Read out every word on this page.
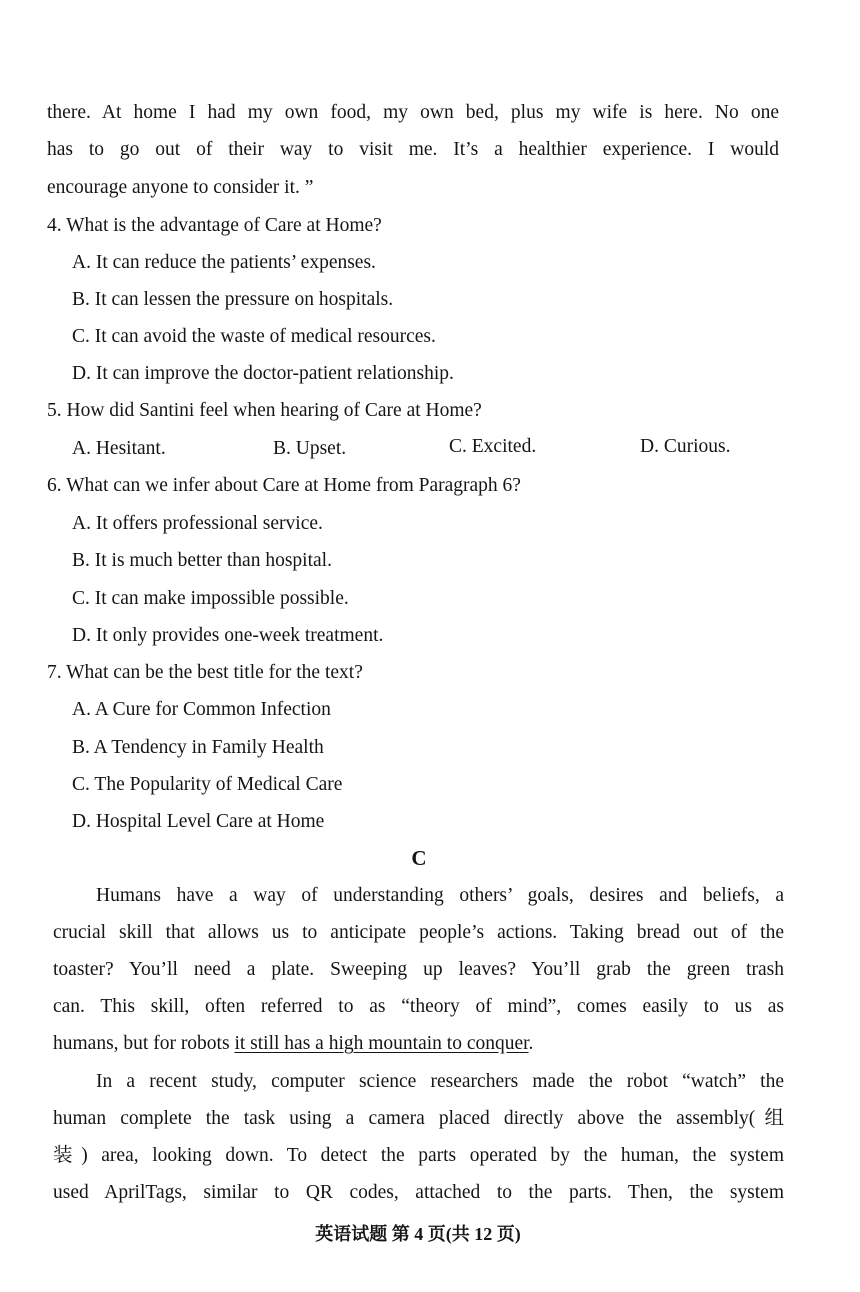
there. At home I had my own food, my own bed, plus my wife is here. No one
has to go out of their way to visit me. It’s a healthier experience. I would
encourage anyone to consider it. ”
4. What is the advantage of Care at Home?
A. It can reduce the patients’ expenses.
B. It can lessen the pressure on hospitals.
C. It can avoid the waste of medical resources.
D. It can improve the doctor-patient relationship.
5. How did Santini feel when hearing of Care at Home?
A. Hesitant.	B. Upset.	C. Excited.	D. Curious.
6. What can we infer about Care at Home from Paragraph 6?
A. It offers professional service.
B. It is much better than hospital.
C. It can make impossible possible.
D. It only provides one-week treatment.
7. What can be the best title for the text?
A. A Cure for Common Infection
B. A Tendency in Family Health
C. The Popularity of Medical Care
D. Hospital Level Care at Home
C
Humans have a way of understanding others’ goals, desires and beliefs, a
crucial skill that allows us to anticipate people’s actions. Taking bread out of the
toaster? You’ll need a plate. Sweeping up leaves? You’ll grab the green trash
can. This skill, often referred to as “theory of mind”, comes easily to us as
humans, but for robots it still has a high mountain to conquer.
In a recent study, computer science researchers made the robot “watch” the
human complete the task using a camera placed directly above the assembly(组
装) area, looking down. To detect the parts operated by the human, the system
used AprilTags, similar to QR codes, attached to the parts. Then, the system
英语试题 第 4 页(共 12 页)
